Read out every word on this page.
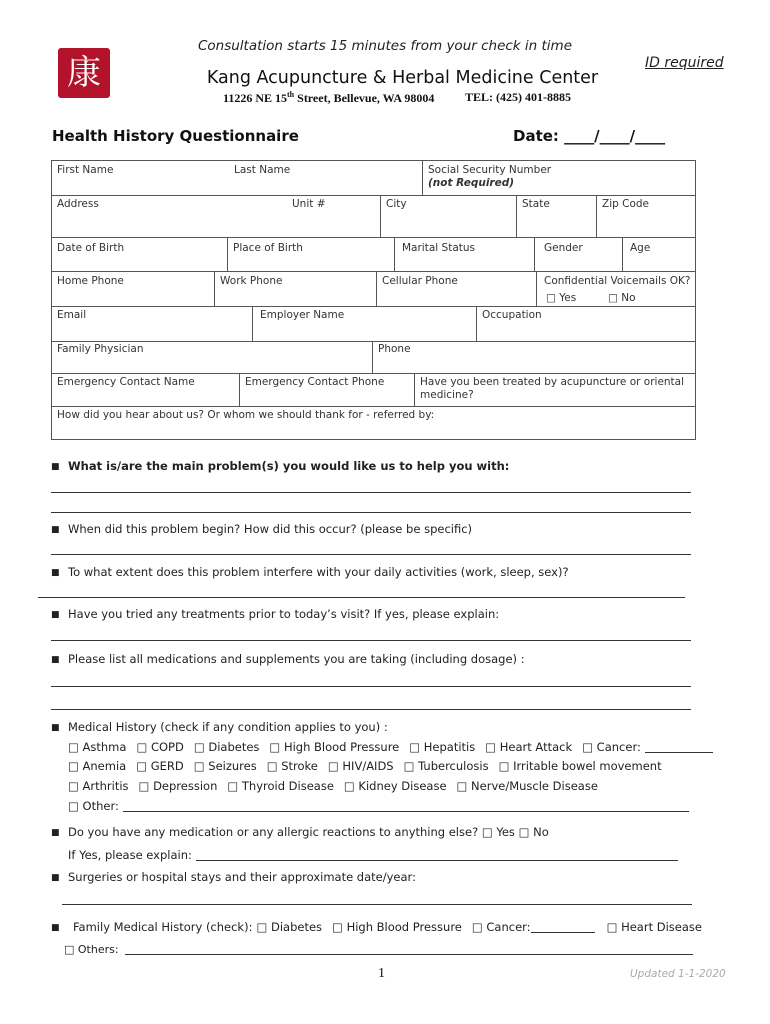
康
Consultation starts 15 minutes from your check in time
ID required
Kang Acupuncture & Herbal Medicine Center
11226 NE 15th Street, Bellevue, WA 98004	TEL: (425) 401-8885
Health History Questionnaire	Date: ____/____/____
First Name	Last Name	Social Security Number
(not Required)
Address	Unit #	City	State	Zip Code
Date of Birth	Place of Birth	Marital Status	Gender	Age
Home Phone	Work Phone	Cellular Phone	Confidential Voicemails OK?
□ Yes	□ No
Email	Employer Name	Occupation
Family Physician	Phone
Emergency Contact Name	Emergency Contact Phone	Have you been treated by acupuncture or oriental
medicine?
How did you hear about us? Or whom we should thank for - referred by:
■ What is/are the main problem(s) you would like us to help you with:
■ When did this problem begin? How did this occur? (please be specific)
■ To what extent does this problem interfere with your daily activities (work, sleep, sex)?
■ Have you tried any treatments prior to today’s visit? If yes, please explain:
■ Please list all medications and supplements you are taking (including dosage) :
■ Medical History (check if any condition applies to you) :
□ Asthma □ COPD □ Diabetes □ High Blood Pressure □ Hepatitis □ Heart Attack □ Cancer:
□ Anemia □ GERD □ Seizures □ Stroke □ HIV/AIDS □ Tuberculosis □ Irritable bowel movement
□ Arthritis □ Depression □ Thyroid Disease □ Kidney Disease □ Nerve/Muscle Disease
□ Other:
■ Do you have any medication or any allergic reactions to anything else? □ Yes □ No
If Yes, please explain:
■ Surgeries or hospital stays and their approximate date/year:
■ Family Medical History (check): □ Diabetes □ High Blood Pressure □ Cancer:	□ Heart Disease
□ Others:
1	Updated 1-1-2020
